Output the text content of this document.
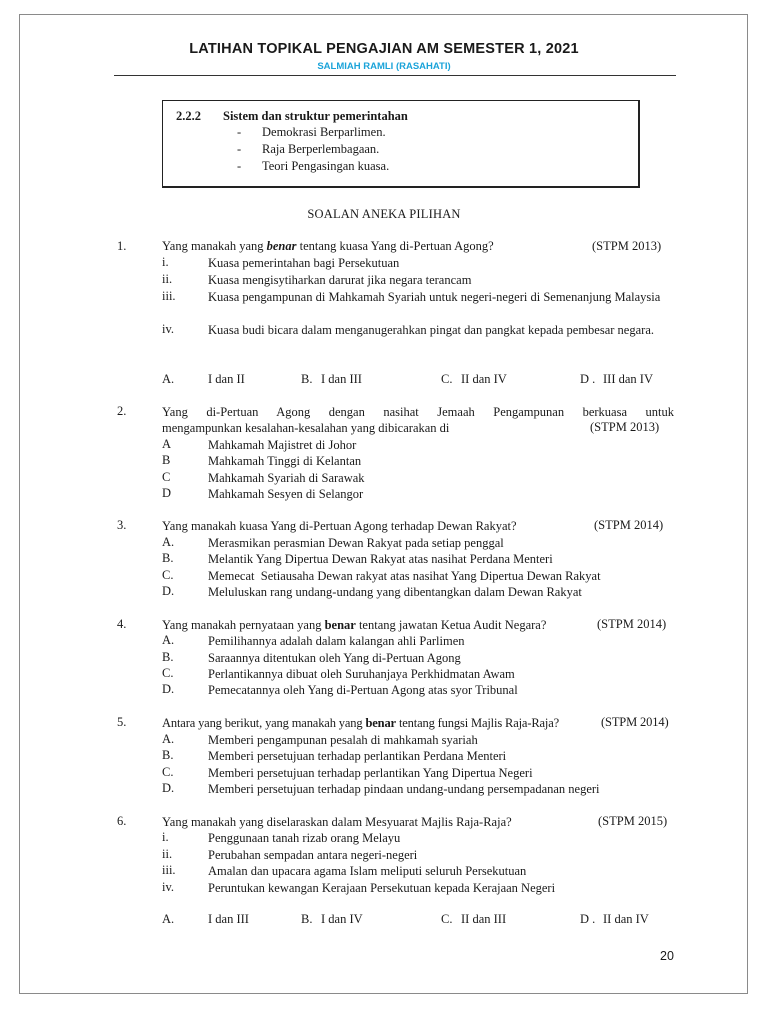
LATIHAN TOPIKAL PENGAJIAN AM SEMESTER 1, 2021
SALMIAH RAMLI (RASAHATI)
2.2.2 Sistem dan struktur pemerintahan
- Demokrasi Berparlimen.
- Raja Berperlembagaan.
- Teori Pengasingan kuasa.
SOALAN ANEKA PILIHAN
1.	Yang manakah yang benar tentang kuasa Yang di-Pertuan Agong?	(STPM 2013)
i.	Kuasa pemerintahan bagi Persekutuan
ii.	Kuasa mengisytiharkan darurat jika negara terancam
iii.	Kuasa pengampunan di Mahkamah Syariah untuk negeri-negeri di Semenanjung Malaysia
iv.	Kuasa budi bicara dalam menganugerahkan pingat dan pangkat kepada pembesar negara.
A.	I dan II	B. I dan III	C. II dan IV	D . III dan IV
2.	Yang di-Pertuan Agong dengan nasihat Jemaah Pengampunan berkuasa untuk
mengampunkan kesalahan-kesalahan yang dibicarakan di	(STPM 2013)
A	Mahkamah Majistret di Johor
B	Mahkamah Tinggi di Kelantan
C	Mahkamah Syariah di Sarawak
D	Mahkamah Sesyen di Selangor
3.	Yang manakah kuasa Yang di-Pertuan Agong terhadap Dewan Rakyat?	(STPM 2014)
A.	Merasmikan perasmian Dewan Rakyat pada setiap penggal
B.	Melantik Yang Dipertua Dewan Rakyat atas nasihat Perdana Menteri
C.	Memecat  Setiausaha Dewan rakyat atas nasihat Yang Dipertua Dewan Rakyat
D.	Meluluskan rang undang-undang yang dibentangkan dalam Dewan Rakyat
4.	Yang manakah pernyataan yang benar tentang jawatan Ketua Audit Negara?	(STPM 2014)
A.	Pemilihannya adalah dalam kalangan ahli Parlimen
B.	Saraannya ditentukan oleh Yang di-Pertuan Agong
C.	Perlantikannya dibuat oleh Suruhanjaya Perkhidmatan Awam
D.	Pemecatannya oleh Yang di-Pertuan Agong atas syor Tribunal
5.	Antara yang berikut, yang manakah yang benar tentang fungsi Majlis Raja-Raja?	(STPM 2014)
A.	Memberi pengampunan pesalah di mahkamah syariah
B.	Memberi persetujuan terhadap perlantikan Perdana Menteri
C.	Memberi persetujuan terhadap perlantikan Yang Dipertua Negeri
D.	Memberi persetujuan terhadap pindaan undang-undang persempadanan negeri
6.	Yang manakah yang diselaraskan dalam Mesyuarat Majlis Raja-Raja?	(STPM 2015)
i.	Penggunaan tanah rizab orang Melayu
ii.	Perubahan sempadan antara negeri-negeri
iii.	Amalan dan upacara agama Islam meliputi seluruh Persekutuan
iv.	Peruntukan kewangan Kerajaan Persekutuan kepada Kerajaan Negeri
A.	I dan III	B. I dan IV	C. II dan III	D . II dan IV
20
